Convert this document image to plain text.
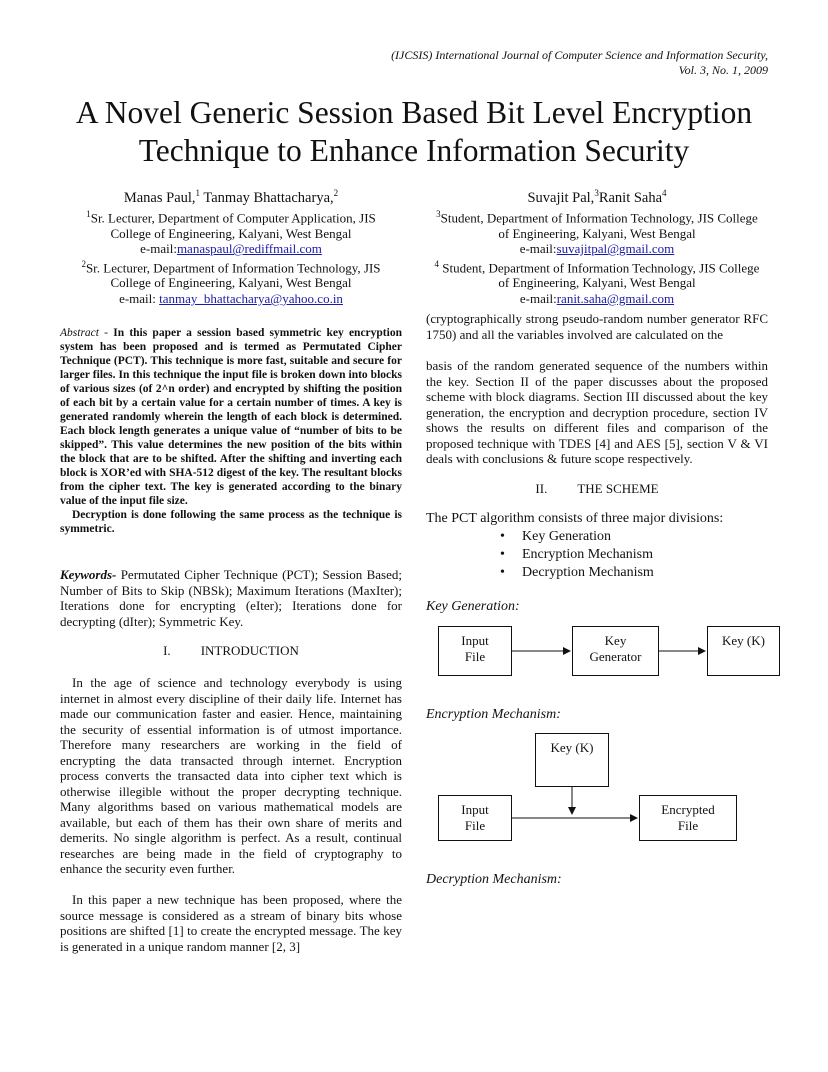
(IJCSIS) International Journal of Computer Science and Information Security,
Vol. 3, No. 1, 2009
A Novel Generic Session Based Bit Level Encryption
Technique to Enhance Information Security
Manas Paul,$^1$ Tanmay Bhattacharya,$^2$
$^1$Sr. Lecturer, Department of Computer Application, JIS
College of Engineering, Kalyani, West Bengal
e-mail:manaspaul@rediffmail.com
$^2$Sr. Lecturer, Department of Information Technology, JIS
College of Engineering, Kalyani, West Bengal
e-mail: tanmay_bhattacharya@yahoo.co.in
Suvajit Pal,$^3$Ranit Saha$^4$
$^3$Student, Department of Information Technology, JIS College
of Engineering, Kalyani, West Bengal
e-mail:suvajitpal@gmail.com
$^4$ Student, Department of Information Technology, JIS College
of Engineering, Kalyani, West Bengal
e-mail:ranit.saha@gmail.com
Abstract - In this paper a session based symmetric key encryption system has been proposed and is termed as Permutated Cipher Technique (PCT). This technique is more fast, suitable and secure for larger files. In this technique the input file is broken down into blocks of various sizes (of 2^n order) and encrypted by shifting the position of each bit by a certain value for a certain number of times. A key is generated randomly wherein the length of each block is determined. Each block length generates a unique value of “number of bits to be skipped”. This value determines the new position of the bits within the block that are to be shifted. After the shifting and inverting each block is XOR’ed with SHA-512 digest of the key. The resultant blocks from the cipher text. The key is generated according to the binary value of the input file size.
Decryption is done following the same process as the technique is symmetric.
Keywords- Permutated Cipher Technique (PCT); Session Based; Number of Bits to Skip (NBSk); Maximum Iterations (MaxIter); Iterations done for encrypting (eIter); Iterations done for decrypting (dIter); Symmetric Key.
I. INTRODUCTION
In the age of science and technology everybody is using internet in almost every discipline of their daily life. Internet has made our communication faster and easier. Hence, maintaining the security of essential information is of utmost importance. Therefore many researchers are working in the field of encrypting the data transacted through internet. Encryption process converts the transacted data into cipher text which is otherwise illegible without the proper decrypting technique. Many algorithms based on various mathematical models are available, but each of them has their own share of merits and demerits. No single algorithm is perfect. As a result, continual researches are being made in the field of cryptography to enhance the security even further.
In this paper a new technique has been proposed, where the source message is considered as a stream of binary bits whose positions are shifted [1] to create the encrypted message. The key is generated in a unique random manner [2, 3]
(cryptographically strong pseudo-random number generator RFC 1750) and all the variables involved are calculated on the
basis of the random generated sequence of the numbers within the key. Section II of the paper discusses about the proposed scheme with block diagrams. Section III discussed about the key generation, the encryption and decryption procedure, section IV shows the results on different files and comparison of the proposed technique with TDES [4] and AES [5], section V & VI deals with conclusions & future scope respectively.
II. THE SCHEME
The PCT algorithm consists of three major divisions:
• Key Generation
• Encryption Mechanism
• Decryption Mechanism
Key Generation:
Input
File
Key
Generator
Key (K)
Encryption Mechanism:
Key (K)
Input
File
Encrypted
File
Decryption Mechanism:
